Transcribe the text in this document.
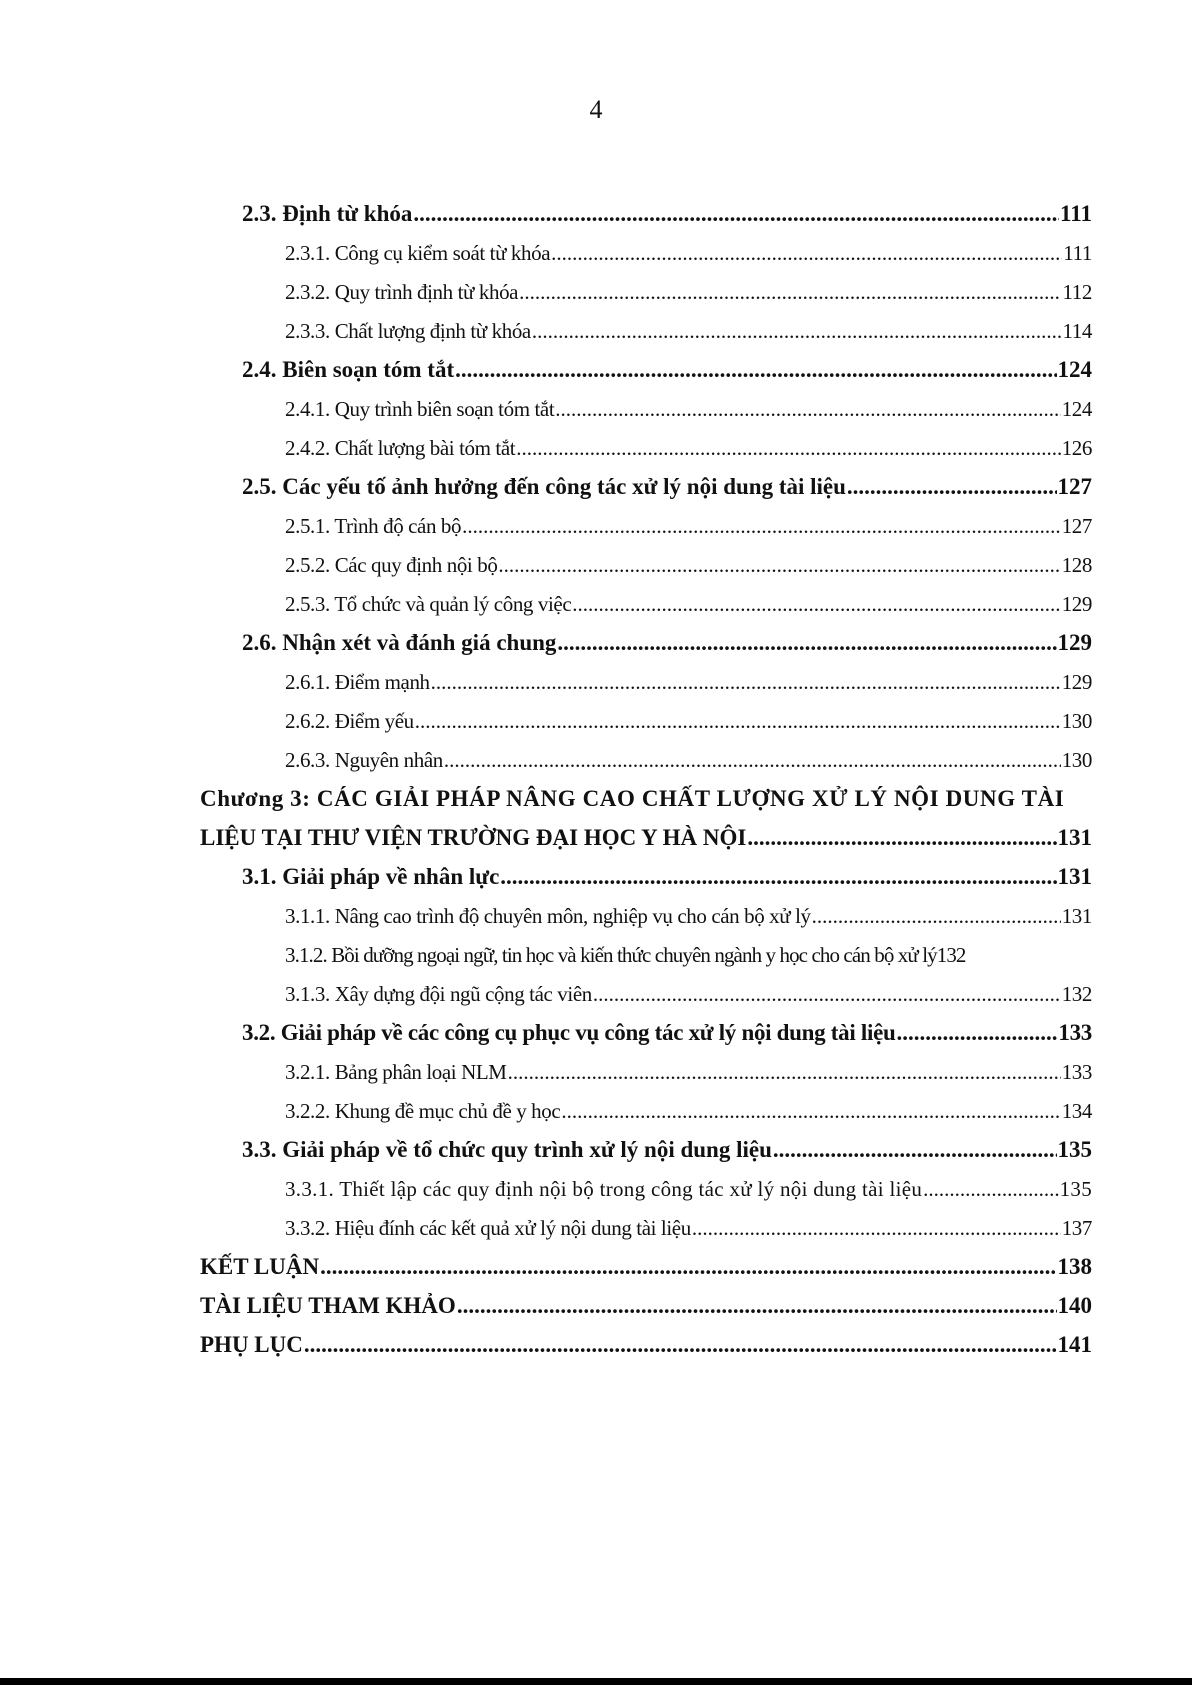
4
2.3. Định từ khóa .....	111
2.3.1. Công cụ kiểm soát từ khóa .....	111
2.3.2. Quy trình định từ khóa .....	112
2.3.3. Chất lượng định từ khóa .....	114
2.4. Biên soạn tóm tắt .....	124
2.4.1. Quy trình biên soạn tóm tắt .....	124
2.4.2. Chất lượng bài tóm tắt .....	126
2.5. Các yếu tố ảnh hưởng đến công tác xử lý nội dung tài liệu .....	127
2.5.1. Trình độ cán bộ .....	127
2.5.2. Các quy định nội bộ .....	128
2.5.3. Tổ chức và quản lý công việc .....	129
2.6. Nhận xét và đánh giá chung .....	129
2.6.1. Điểm mạnh .....	129
2.6.2. Điểm yếu .....	130
2.6.3. Nguyên nhân .....	130
Chương 3: CÁC GIẢI PHÁP NÂNG CAO CHẤT LƯỢNG XỬ LÝ NỘI DUNG TÀI
LIỆU TẠI THƯ VIỆN TRƯỜNG ĐẠI HỌC Y HÀ NỘI .....	131
3.1. Giải pháp về nhân lực .....	131
3.1.1. Nâng cao trình độ chuyên môn, nghiệp vụ cho cán bộ xử lý .....	131
3.1.2. Bồi dưỡng ngoại ngữ, tin học và kiến thức chuyên ngành y học cho cán bộ xử lý 132
3.1.3. Xây dựng đội ngũ cộng tác viên .....	132
3.2. Giải pháp về các công cụ phục vụ công tác xử lý nội dung tài liệu .....	133
3.2.1. Bảng phân loại NLM .....	133
3.2.2. Khung đề mục chủ đề y học .....	134
3.3. Giải pháp về tổ chức quy trình xử lý nội dung liệu .....	135
3.3.1. Thiết lập các quy định nội bộ trong công tác xử lý nội dung tài liệu .....	135
3.3.2. Hiệu đính các kết quả xử lý nội dung tài liệu .....	137
KẾT LUẬN .....	138
TÀI LIỆU THAM KHẢO .....	140
PHỤ LỤC .....	141
